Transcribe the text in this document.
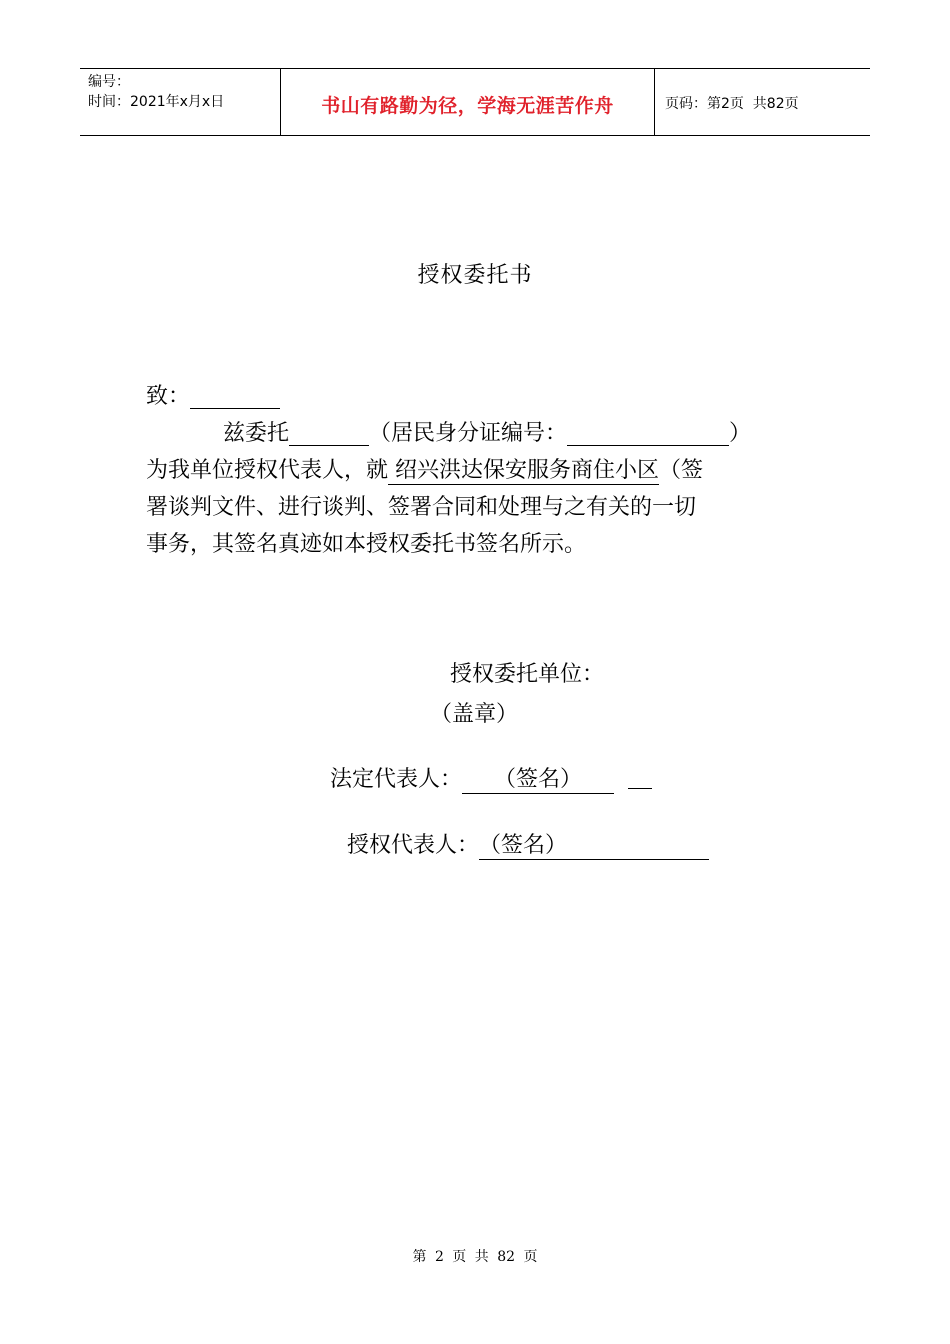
编号：
时间：2021年x月x日	书山有路勤为径，学海无涯苦作舟	页码：第2页  共82页
授权委托书
致：
兹委托	（居民身分证编号：	）
为我单位授权代表人，就 绍兴洪达保安服务商住小区（签
署谈判文件、进行谈判、签署合同和处理与之有关的一切
事务，其签名真迹如本授权委托书签名所示。
授权委托单位：
（盖章）
法定代表人： （签名）
授权代表人：（签名）
第 2 页 共 82 页
